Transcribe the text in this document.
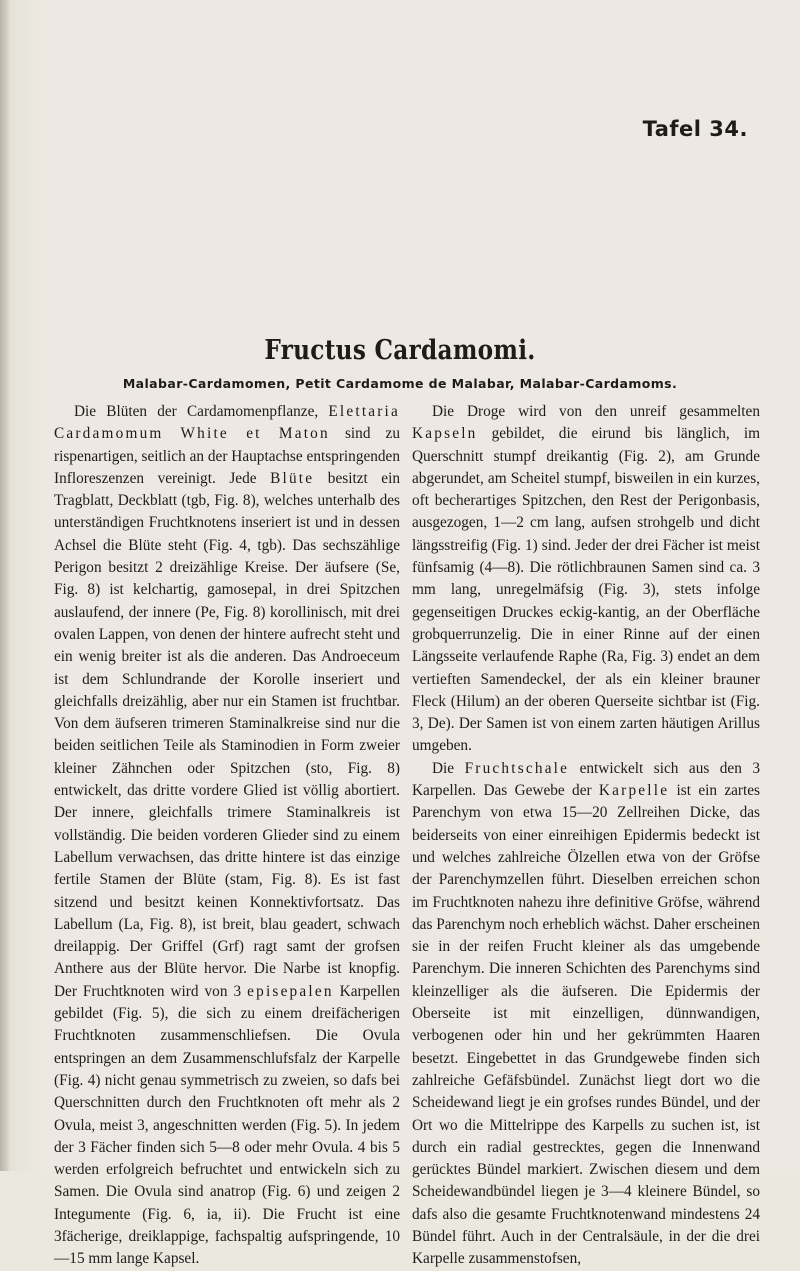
Tafel 34.
Fructus Cardamomi.
Malabar-Cardamomen, Petit Cardamome de Malabar, Malabar-Cardamoms.

Die Blüten der Cardamomenpflanze, Elettaria Cardamomum White et Maton sind zu rispenartigen, seitlich an der Hauptachse entspringenden Infloreszenzen vereinigt. Jede Blüte besitzt ein Tragblatt, Deckblatt (tgb, Fig. 8), welches unterhalb des unterständigen Fruchtknotens inseriert ist und in dessen Achsel die Blüte steht (Fig. 4, tgb). Das sechszählige Perigon besitzt 2 dreizählige Kreise. Der äufsere (Se, Fig. 8) ist kelchartig, gamosepal, in drei Spitzchen auslaufend, der innere (Pe, Fig. 8) korollinisch, mit drei ovalen Lappen, von denen der hintere aufrecht steht und ein wenig breiter ist als die anderen. Das Androeceum ist dem Schlundrande der Korolle inseriert und gleichfalls dreizählig, aber nur ein Stamen ist fruchtbar. Von dem äufseren trimeren Staminalkreise sind nur die beiden seitlichen Teile als Staminodien in Form zweier kleiner Zähnchen oder Spitzchen (sto, Fig. 8) entwickelt, das dritte vordere Glied ist völlig abortiert. Der innere, gleichfalls trimere Staminalkreis ist vollständig. Die beiden vorderen Glieder sind zu einem Labellum verwachsen, das dritte hintere ist das einzige fertile Stamen der Blüte (stam, Fig. 8). Es ist fast sitzend und besitzt keinen Konnektivfortsatz. Das Labellum (La, Fig. 8), ist breit, blau geadert, schwach dreilappig. Der Griffel (Grf) ragt samt der grofsen Anthere aus der Blüte hervor. Die Narbe ist knopfig. Der Fruchtknoten wird von 3 episepalen Karpellen gebildet (Fig. 5), die sich zu einem dreifächerigen Fruchtknoten zusammenschliefsen. Die Ovula entspringen an dem Zusammenschlufsfalz der Karpelle (Fig. 4) nicht genau symmetrisch zu zweien, so dafs bei Querschnitten durch den Fruchtknoten oft mehr als 2 Ovula, meist 3, angeschnitten werden (Fig. 5). In jedem der 3 Fächer finden sich 5—8 oder mehr Ovula. 4 bis 5 werden erfolgreich befruchtet und entwickeln sich zu Samen. Die Ovula sind anatrop (Fig. 6) und zeigen 2 Integumente (Fig. 6, ia, ii). Die Frucht ist eine 3fächerige, dreiklappige, fachspaltig aufspringende, 10—15 mm lange Kapsel.

Die Droge wird von den unreif gesammelten Kapseln gebildet, die eirund bis länglich, im Querschnitt stumpf dreikantig (Fig. 2), am Grunde abgerundet, am Scheitel stumpf, bisweilen in ein kurzes, oft becherartiges Spitzchen, den Rest der Perigonbasis, ausgezogen, 1—2 cm lang, aufsen strohgelb und dicht längsstreifig (Fig. 1) sind. Jeder der drei Fächer ist meist fünfsamig (4—8). Die rötlichbraunen Samen sind ca. 3 mm lang, unregelmäfsig (Fig. 3), stets infolge gegenseitigen Druckes eckig-kantig, an der Oberfläche grobquerrunzelig. Die in einer Rinne auf der einen Längsseite verlaufende Raphe (Ra, Fig. 3) endet an dem vertieften Samendeckel, der als ein kleiner brauner Fleck (Hilum) an der oberen Querseite sichtbar ist (Fig. 3, De). Der Samen ist von einem zarten häutigen Arillus umgeben.

Die Fruchtschale entwickelt sich aus den 3 Karpellen. Das Gewebe der Karpelle ist ein zartes Parenchym von etwa 15—20 Zellreihen Dicke, das beiderseits von einer einreihigen Epidermis bedeckt ist und welches zahlreiche Ölzellen etwa von der Gröfse der Parenchymzellen führt. Dieselben erreichen schon im Fruchtknoten nahezu ihre definitive Gröfse, während das Parenchym noch erheblich wächst. Daher erscheinen sie in der reifen Frucht kleiner als das umgebende Parenchym. Die inneren Schichten des Parenchyms sind kleinzelliger als die äufseren. Die Epidermis der Oberseite ist mit einzelligen, dünnwandigen, verbogenen oder hin und her gekrümmten Haaren besetzt. Eingebettet in das Grundgewebe finden sich zahlreiche Gefäfsbündel. Zunächst liegt dort wo die Scheidewand liegt je ein grofses rundes Bündel, und der Ort wo die Mittelrippe des Karpells zu suchen ist, ist durch ein radial gestrecktes, gegen die Innenwand gerücktes Bündel markiert. Zwischen diesem und dem Scheidewandbündel liegen je 3—4 kleinere Bündel, so dafs also die gesamte Fruchtknotenwand mindestens 24 Bündel führt. Auch in der Centralsäule, in der die drei Karpelle zusammenstofsen,
